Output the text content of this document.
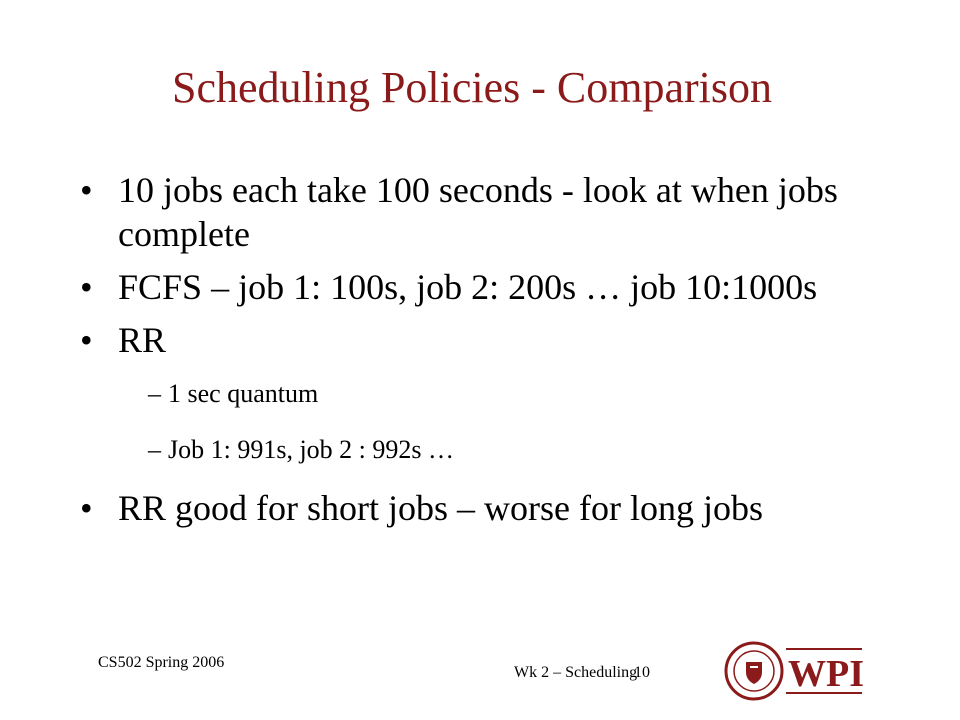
Scheduling Policies - Comparison
• 10 jobs each take 100 seconds - look at when jobs complete
• FCFS – job 1: 100s, job 2: 200s … job 10:1000s
• RR
– 1 sec quantum
– Job 1: 991s, job 2 : 992s …
• RR good for short jobs – worse for long jobs
CS502 Spring 2006
Wk 2 – Scheduling
10	WPI
